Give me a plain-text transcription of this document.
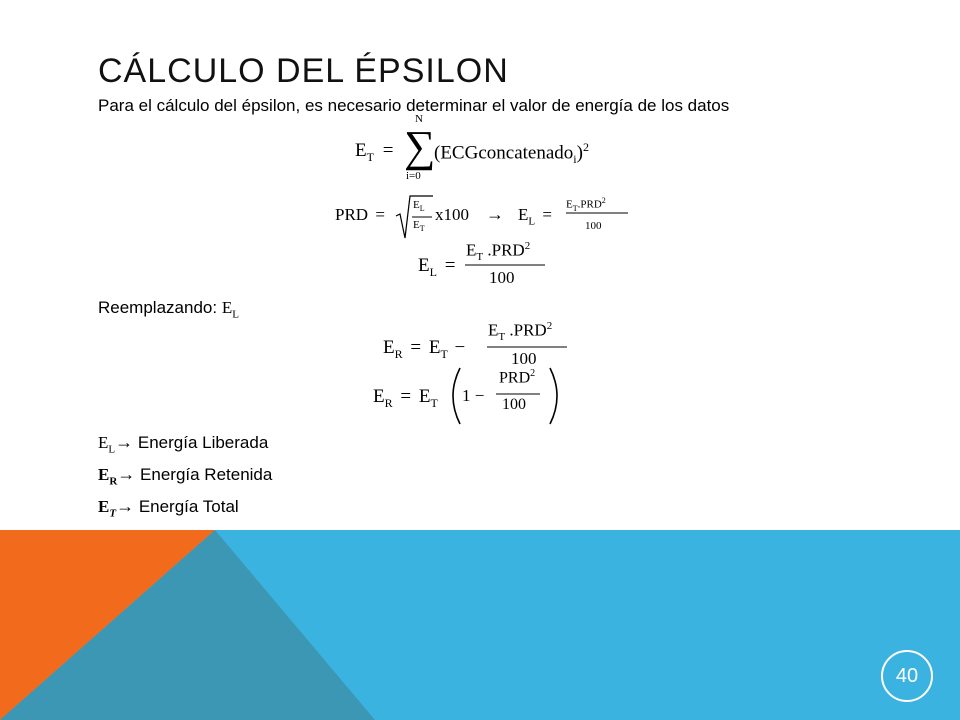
CÁLCULO DEL ÉPSILON
Para el cálculo del épsilon, es necesario determinar el valor de energía de los datos
$E_T$ =
N
∑
i=0
(ECGconcatenado$_i$)$^2$
PRD =	$E_L$
$E_T$
$x100 \to E_L$ =
$E_T.PRD^2$
100
$E_L$ =
$E_T$ .PRD$^2$
100
Reemplazando: $E_L$
$E_R = E_T$ −
$E_T$ .PRD$^2$
100
$E_R = E_T$ 1 −
$PRD^2$
100
$E_L\to$ Energía Liberada
$E_R\to$ Energía Retenida
$E_T\to$ Energía Total
40
